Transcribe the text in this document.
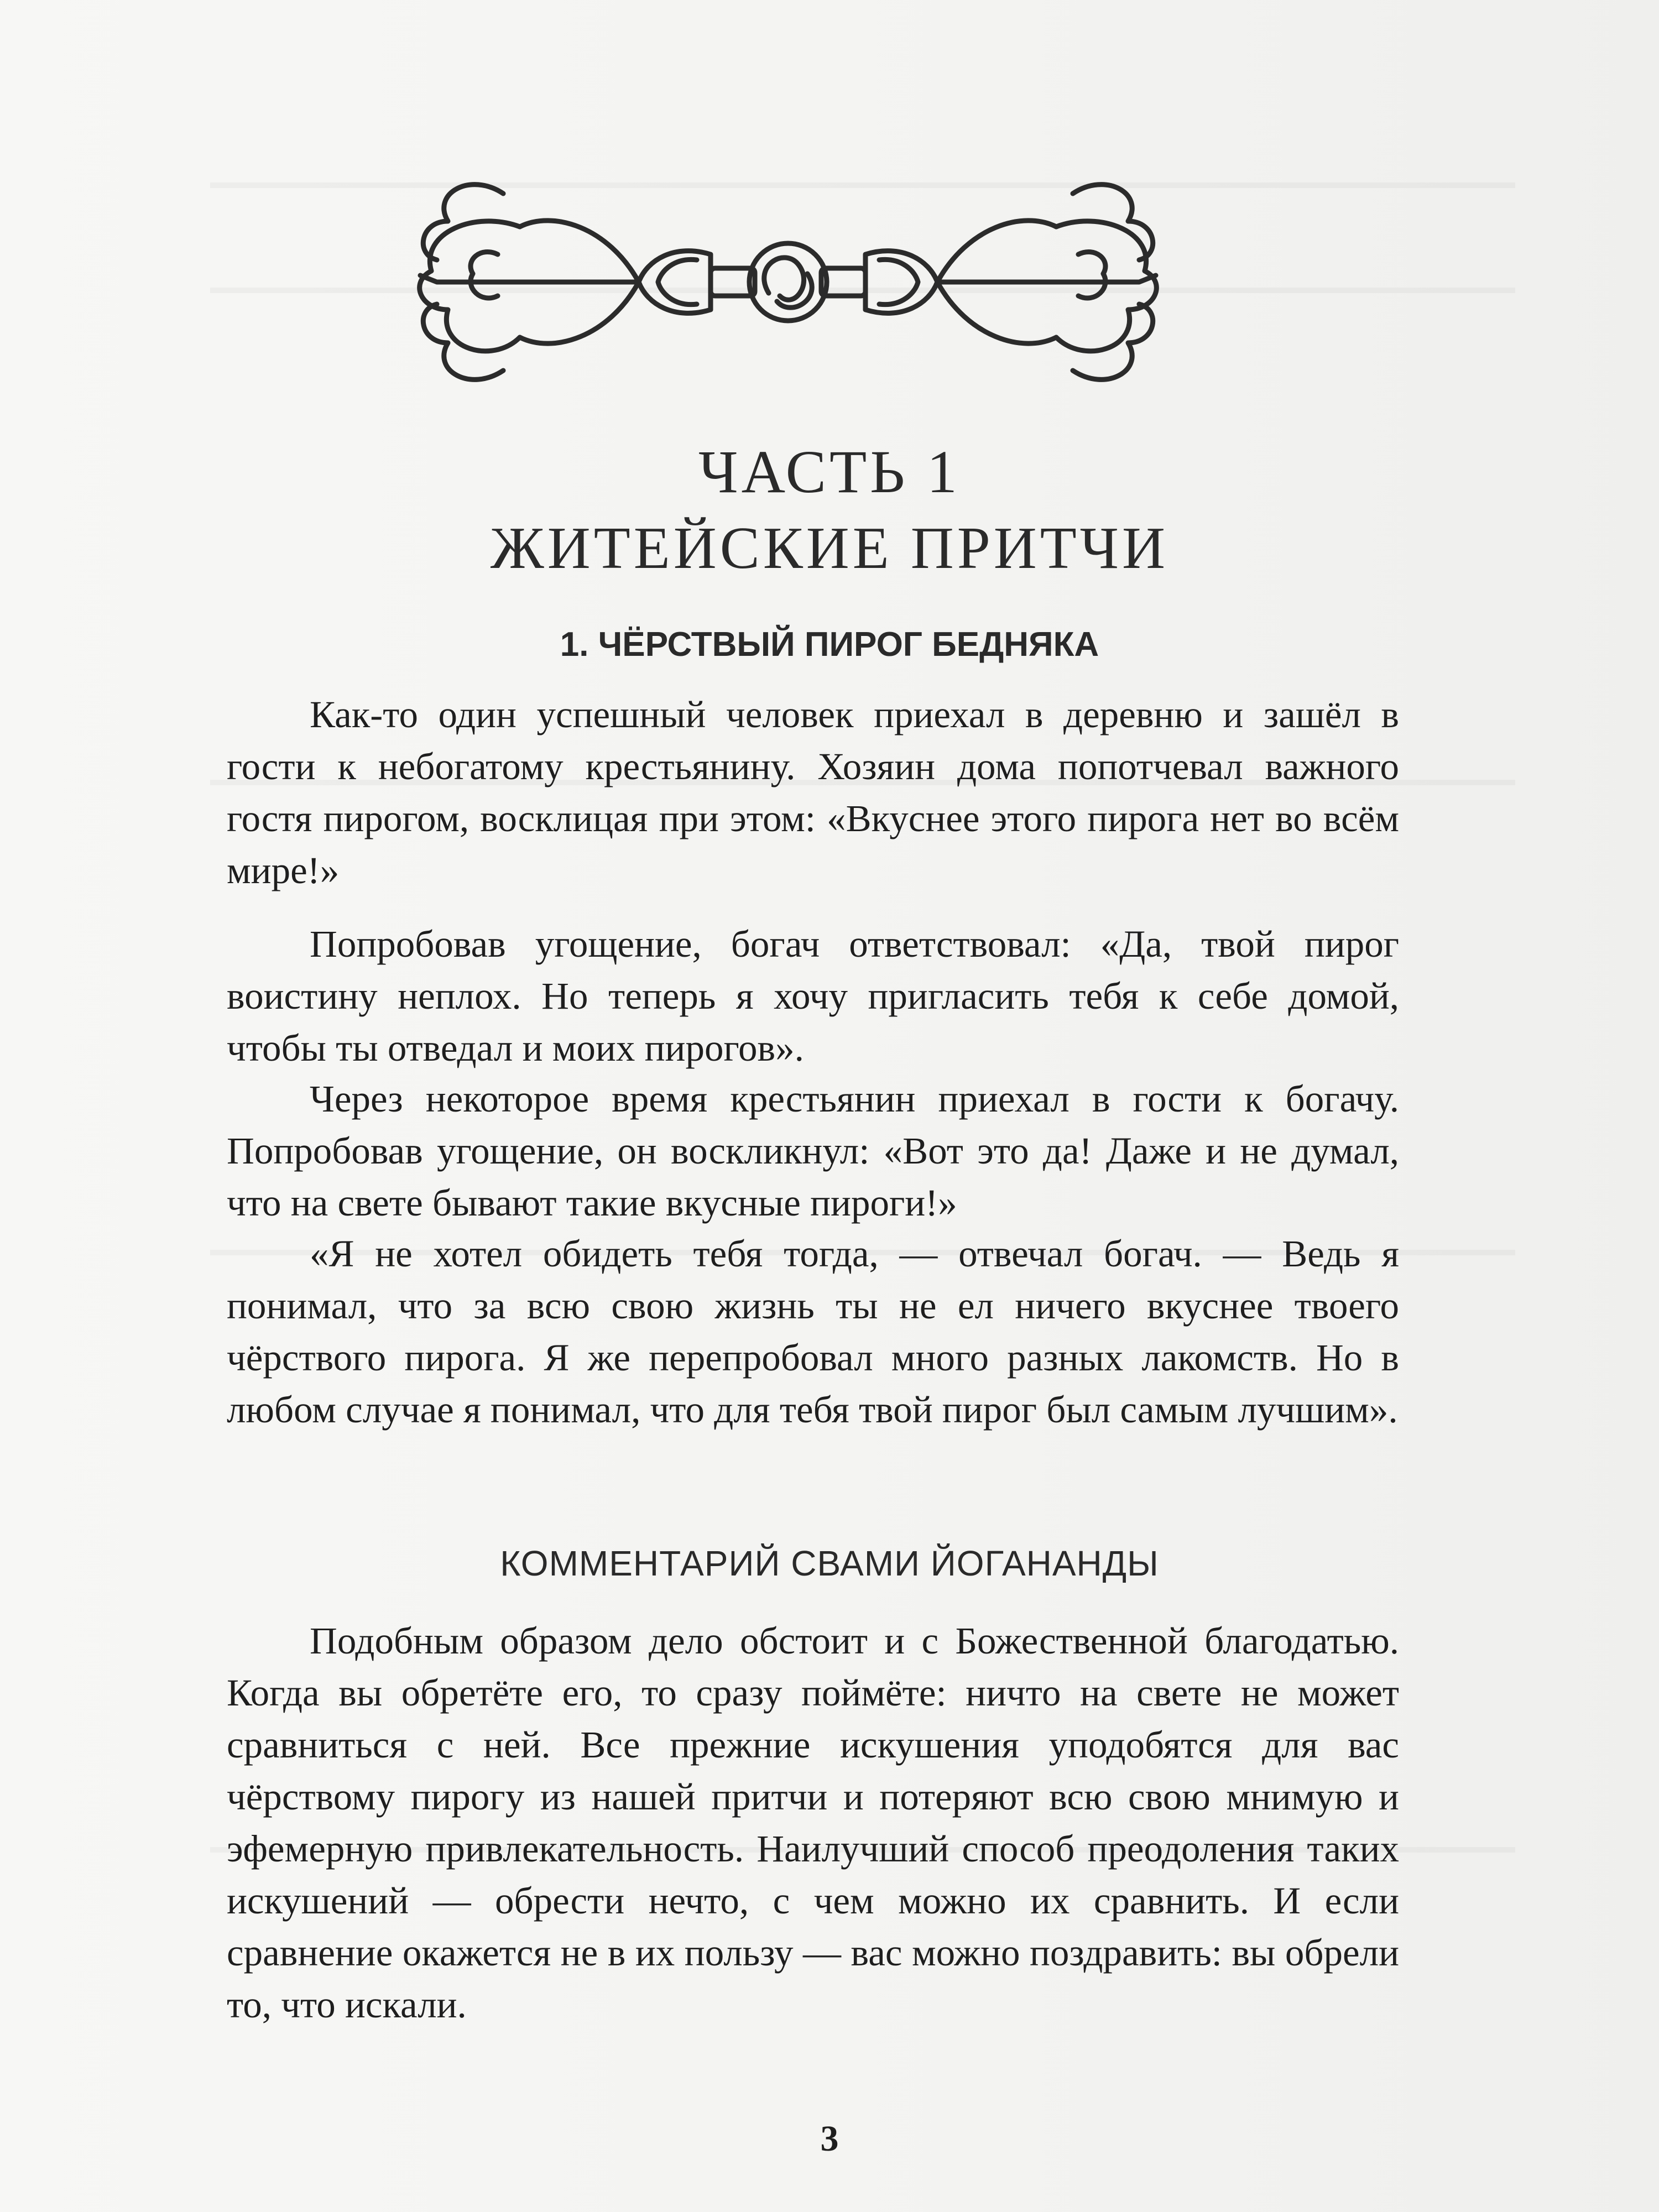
ЧАСТЬ 1
ЖИТЕЙСКИЕ ПРИТЧИ
1. ЧЁРСТВЫЙ ПИРОГ БЕДНЯКА

Как-то один успешный человек приехал в деревню и зашёл в гости к небогатому крестьянину. Хозяин дома попотчевал важного гостя пирогом, восклицая при этом: «Вкуснее этого пирога нет во всём мире!»

Попробовав угощение, богач ответствовал: «Да, твой пирог воистину неплох. Но теперь я хочу пригласить тебя к себе домой, чтобы ты отведал и моих пирогов».

Через некоторое время крестьянин приехал в гости к богачу. Попробовав угощение, он воскликнул: «Вот это да! Даже и не думал, что на свете бывают такие вкусные пироги!»

«Я не хотел обидеть тебя тогда, — отвечал богач. — Ведь я понимал, что за всю свою жизнь ты не ел ничего вкуснее твоего чёрствого пирога. Я же перепробовал много разных лакомств. Но в любом случае я понимал, что для тебя твой пирог был самым лучшим».

КОММЕНТАРИЙ СВАМИ ЙОГАНАНДЫ

Подобным образом дело обстоит и с Божественной благодатью. Когда вы обретёте его, то сразу поймёте: ничто на свете не может сравниться с ней. Все прежние искушения уподобятся для вас чёрствому пирогу из нашей притчи и потеряют всю свою мнимую и эфемерную привлекательность. Наилучший способ преодоления таких искушений — обрести нечто, с чем можно их сравнить. И если сравнение окажется не в их пользу — вас можно поздравить: вы обрели то, что искали.

3
